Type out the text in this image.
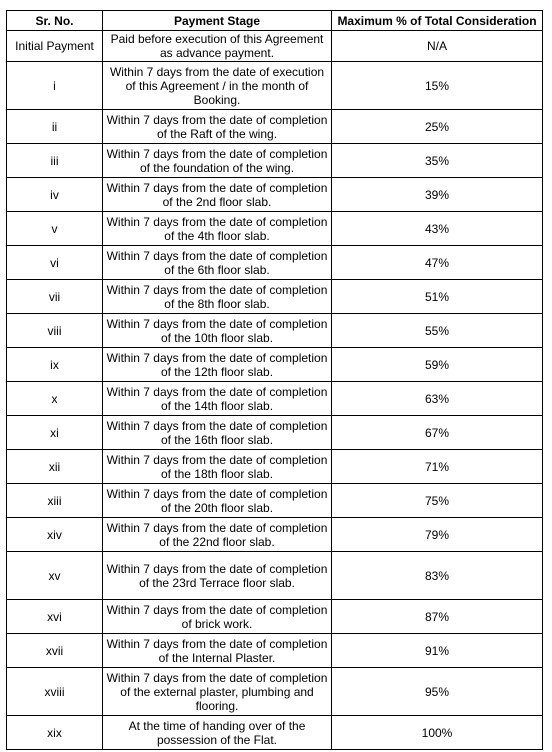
Sr. No.	Payment Stage	Maximum % of Total Consideration
Initial Payment	Paid before execution of this Agreement as advance payment.	N/A
i	Within 7 days from the date of execution of this Agreement / in the month of Booking.	15%
ii	Within 7 days from the date of completion of the Raft of the wing.	25%
iii	Within 7 days from the date of completion of the foundation of the wing.	35%
iv	Within 7 days from the date of completion of the 2nd floor slab.	39%
v	Within 7 days from the date of completion of the 4th floor slab.	43%
vi	Within 7 days from the date of completion of the 6th floor slab.	47%
vii	Within 7 days from the date of completion of the 8th floor slab.	51%
viii	Within 7 days from the date of completion of the 10th floor slab.	55%
ix	Within 7 days from the date of completion of the 12th floor slab.	59%
x	Within 7 days from the date of completion of the 14th floor slab.	63%
xi	Within 7 days from the date of completion of the 16th floor slab.	67%
xii	Within 7 days from the date of completion of the 18th floor slab.	71%
xiii	Within 7 days from the date of completion of the 20th floor slab.	75%
xiv	Within 7 days from the date of completion of the 22nd floor slab.	79%
xv	Within 7 days from the date of completion of the 23rd Terrace floor slab.	83%
xvi	Within 7 days from the date of completion of brick work.	87%
xvii	Within 7 days from the date of completion of the Internal Plaster.	91%
xviii	Within 7 days from the date of completion of the external plaster, plumbing and flooring.	95%
xix	At the time of handing over of the possession of the Flat.	100%
